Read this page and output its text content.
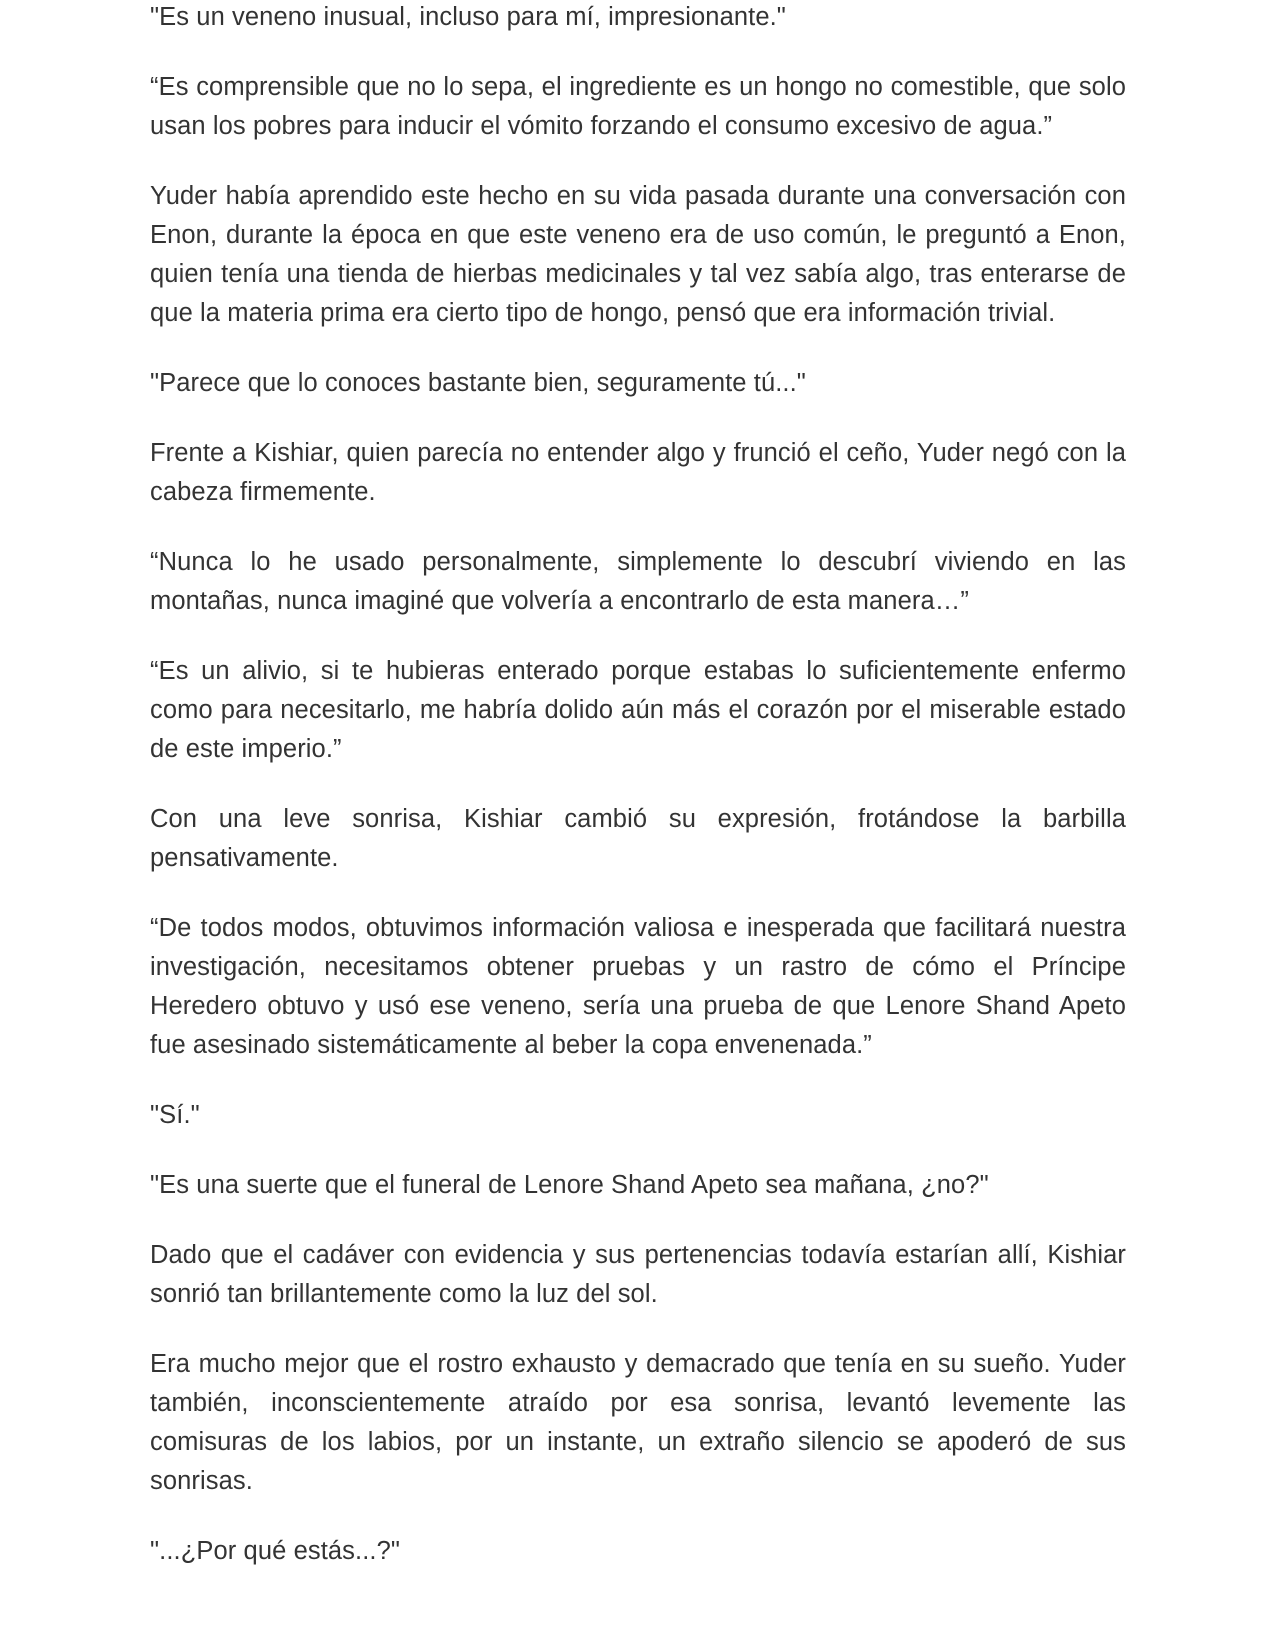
"Es un veneno inusual, incluso para mí, impresionante."

“Es comprensible que no lo sepa, el ingrediente es un hongo no comestible, que solo usan los pobres para inducir el vómito forzando el consumo excesivo de agua.”

Yuder había aprendido este hecho en su vida pasada durante una conversación con Enon, durante la época en que este veneno era de uso común, le preguntó a Enon, quien tenía una tienda de hierbas medicinales y tal vez sabía algo, tras enterarse de que la materia prima era cierto tipo de hongo, pensó que era información trivial.

"Parece que lo conoces bastante bien, seguramente tú..."

Frente a Kishiar, quien parecía no entender algo y frunció el ceño, Yuder negó con la cabeza firmemente.

“Nunca lo he usado personalmente, simplemente lo descubrí viviendo en las montañas, nunca imaginé que volvería a encontrarlo de esta manera…”

“Es un alivio, si te hubieras enterado porque estabas lo suficientemente enfermo como para necesitarlo, me habría dolido aún más el corazón por el miserable estado de este imperio.”

Con una leve sonrisa, Kishiar cambió su expresión, frotándose la barbilla pensativamente.

“De todos modos, obtuvimos información valiosa e inesperada que facilitará nuestra investigación, necesitamos obtener pruebas y un rastro de cómo el Príncipe Heredero obtuvo y usó ese veneno, sería una prueba de que Lenore Shand Apeto fue asesinado sistemáticamente al beber la copa envenenada.”

"Sí."

"Es una suerte que el funeral de Lenore Shand Apeto sea mañana, ¿no?"

Dado que el cadáver con evidencia y sus pertenencias todavía estarían allí, Kishiar sonrió tan brillantemente como la luz del sol.

Era mucho mejor que el rostro exhausto y demacrado que tenía en su sueño. Yuder también, inconscientemente atraído por esa sonrisa, levantó levemente las comisuras de los labios, por un instante, un extraño silencio se apoderó de sus sonrisas.

"...¿Por qué estás...?"
